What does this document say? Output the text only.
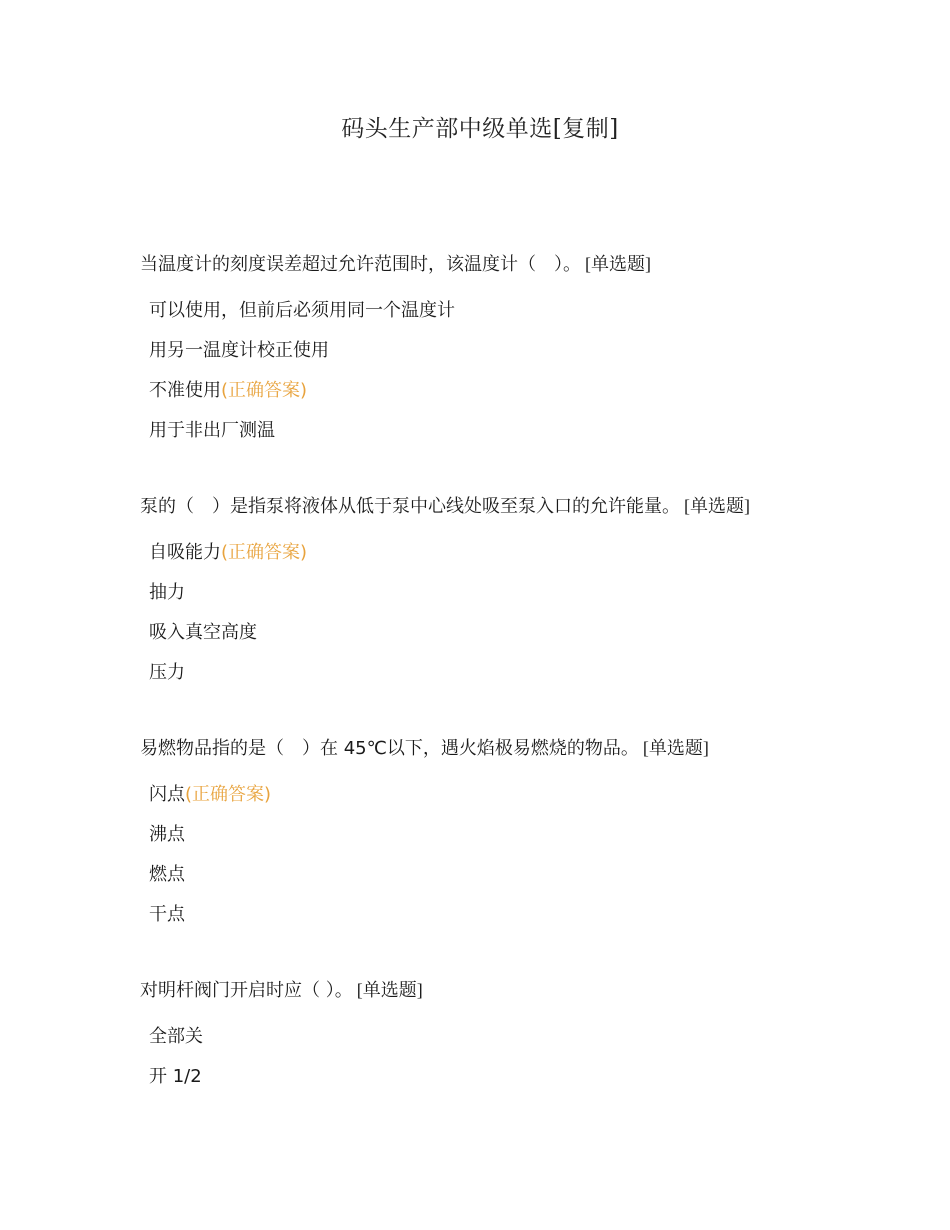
码头生产部中级单选[复制]
当温度计的刻度误差超过允许范围时，该温度计（　）。 [单选题]
可以使用，但前后必须用同一个温度计
用另一温度计校正使用
不准使用(正确答案)
用于非出厂测温
泵的（　）是指泵将液体从低于泵中心线处吸至泵入口的允许能量。 [单选题]
自吸能力(正确答案)
抽力
吸入真空高度
压力
易燃物品指的是（　）在 45℃以下，遇火焰极易燃烧的物品。 [单选题]
闪点(正确答案)
沸点
燃点
干点
对明杆阀门开启时应（ ）。 [单选题]
全部关
开 1/2
